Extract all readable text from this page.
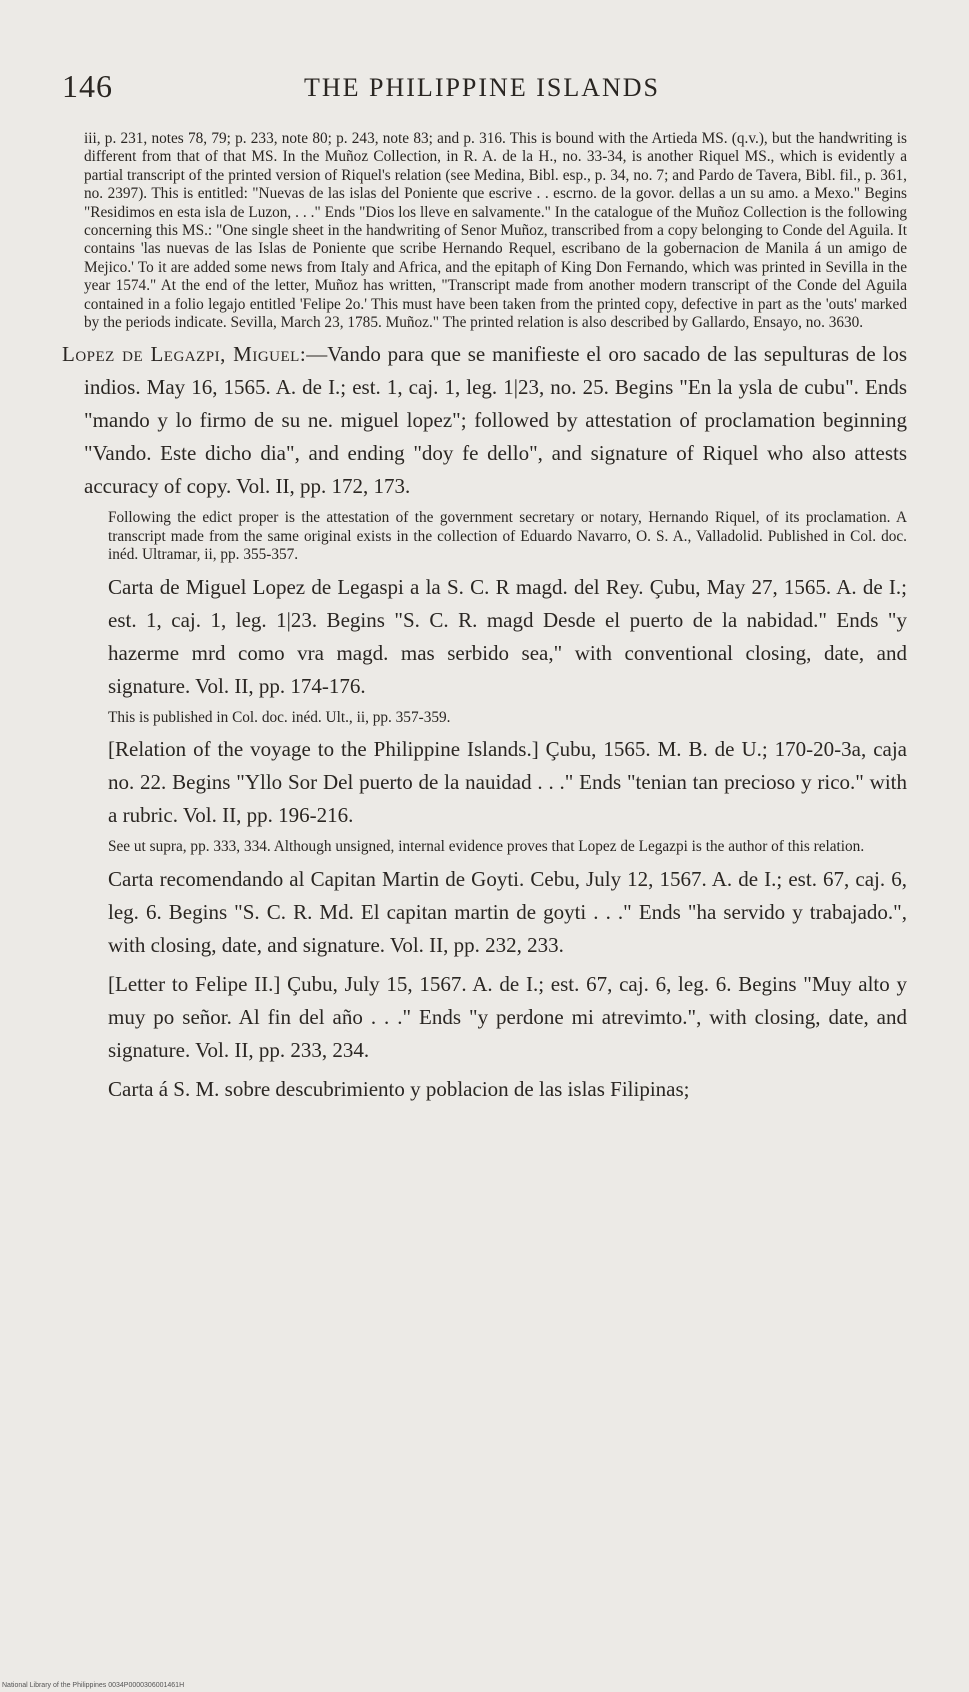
146	THE PHILIPPINE ISLANDS

iii, p. 231, notes 78, 79; p. 233, note 80; p. 243, note 83; and p. 316. This is bound with the Artieda MS. (q.v.), but the handwriting is different from that of that MS. In the Muñoz Collection, in R. A. de la H., no. 33-34, is another Riquel MS., which is evidently a partial transcript of the printed version of Riquel's relation (see Medina, Bibl. esp., p. 34, no. 7; and Pardo de Tavera, Bibl. fil., p. 361, no. 2397). This is entitled: "Nuevas de las islas del Poniente que escrive . . escrno. de la govor. dellas a un su amo. a Mexo." Begins "Residimos en esta isla de Luzon, . . ." Ends "Dios los lleve en salvamente." In the catalogue of the Muñoz Collection is the following concerning this MS.: "One single sheet in the handwriting of Senor Muñoz, transcribed from a copy belonging to Conde del Aguila. It contains 'las nuevas de las Islas de Poniente que scribe Hernando Requel, escribano de la gobernacion de Manila á un amigo de Mejico.' To it are added some news from Italy and Africa, and the epitaph of King Don Fernando, which was printed in Sevilla in the year 1574." At the end of the letter, Muñoz has written, "Transcript made from another modern transcript of the Conde del Aguila contained in a folio legajo entitled 'Felipe 2o.' This must have been taken from the printed copy, defective in part as the 'outs' marked by the periods indicate. Sevilla, March 23, 1785. Muñoz." The printed relation is also described by Gallardo, Ensayo, no. 3630.

Lopez de Legazpi, Miguel:—Vando para que se manifieste el oro sacado de las sepulturas de los indios. May 16, 1565. A. de I.; est. 1, caj. 1, leg. 1|23, no. 25. Begins "En la ysla de cubu". Ends "mando y lo firmo de su ne. miguel lopez"; followed by attestation of proclamation beginning "Vando. Este dicho dia", and ending "doy fe dello", and signature of Riquel who also attests accuracy of copy. Vol. II, pp. 172, 173.

Following the edict proper is the attestation of the government secretary or notary, Hernando Riquel, of its proclamation. A transcript made from the same original exists in the collection of Eduardo Navarro, O. S. A., Valladolid. Published in Col. doc. inéd. Ultramar, ii, pp. 355-357.

Carta de Miguel Lopez de Legaspi a la S. C. R magd. del Rey. Çubu, May 27, 1565. A. de I.; est. 1, caj. 1, leg. 1|23. Begins "S. C. R. magd Desde el puerto de la nabidad." Ends "y hazerme mrd como vra magd. mas serbido sea," with conventional closing, date, and signature. Vol. II, pp. 174-176.

This is published in Col. doc. inéd. Ult., ii, pp. 357-359.

[Relation of the voyage to the Philippine Islands.] Çubu, 1565. M. B. de U.; 170-20-3a, caja no. 22. Begins "Yllo Sor Del puerto de la nauidad . . ." Ends "tenian tan precioso y rico." with a rubric. Vol. II, pp. 196-216.

See ut supra, pp. 333, 334. Although unsigned, internal evidence proves that Lopez de Legazpi is the author of this relation.

Carta recomendando al Capitan Martin de Goyti. Cebu, July 12, 1567. A. de I.; est. 67, caj. 6, leg. 6. Begins "S. C. R. Md. El capitan martin de goyti . . ." Ends "ha servido y trabajado.", with closing, date, and signature. Vol. II, pp. 232, 233.

[Letter to Felipe II.] Çubu, July 15, 1567. A. de I.; est. 67, caj. 6, leg. 6. Begins "Muy alto y muy po señor. Al fin del año . . ." Ends "y perdone mi atrevimto.", with closing, date, and signature. Vol. II, pp. 233, 234.

Carta á S. M. sobre descubrimiento y poblacion de las islas Filipinas;

National Library of the Philippines 0034P0000306001461H
